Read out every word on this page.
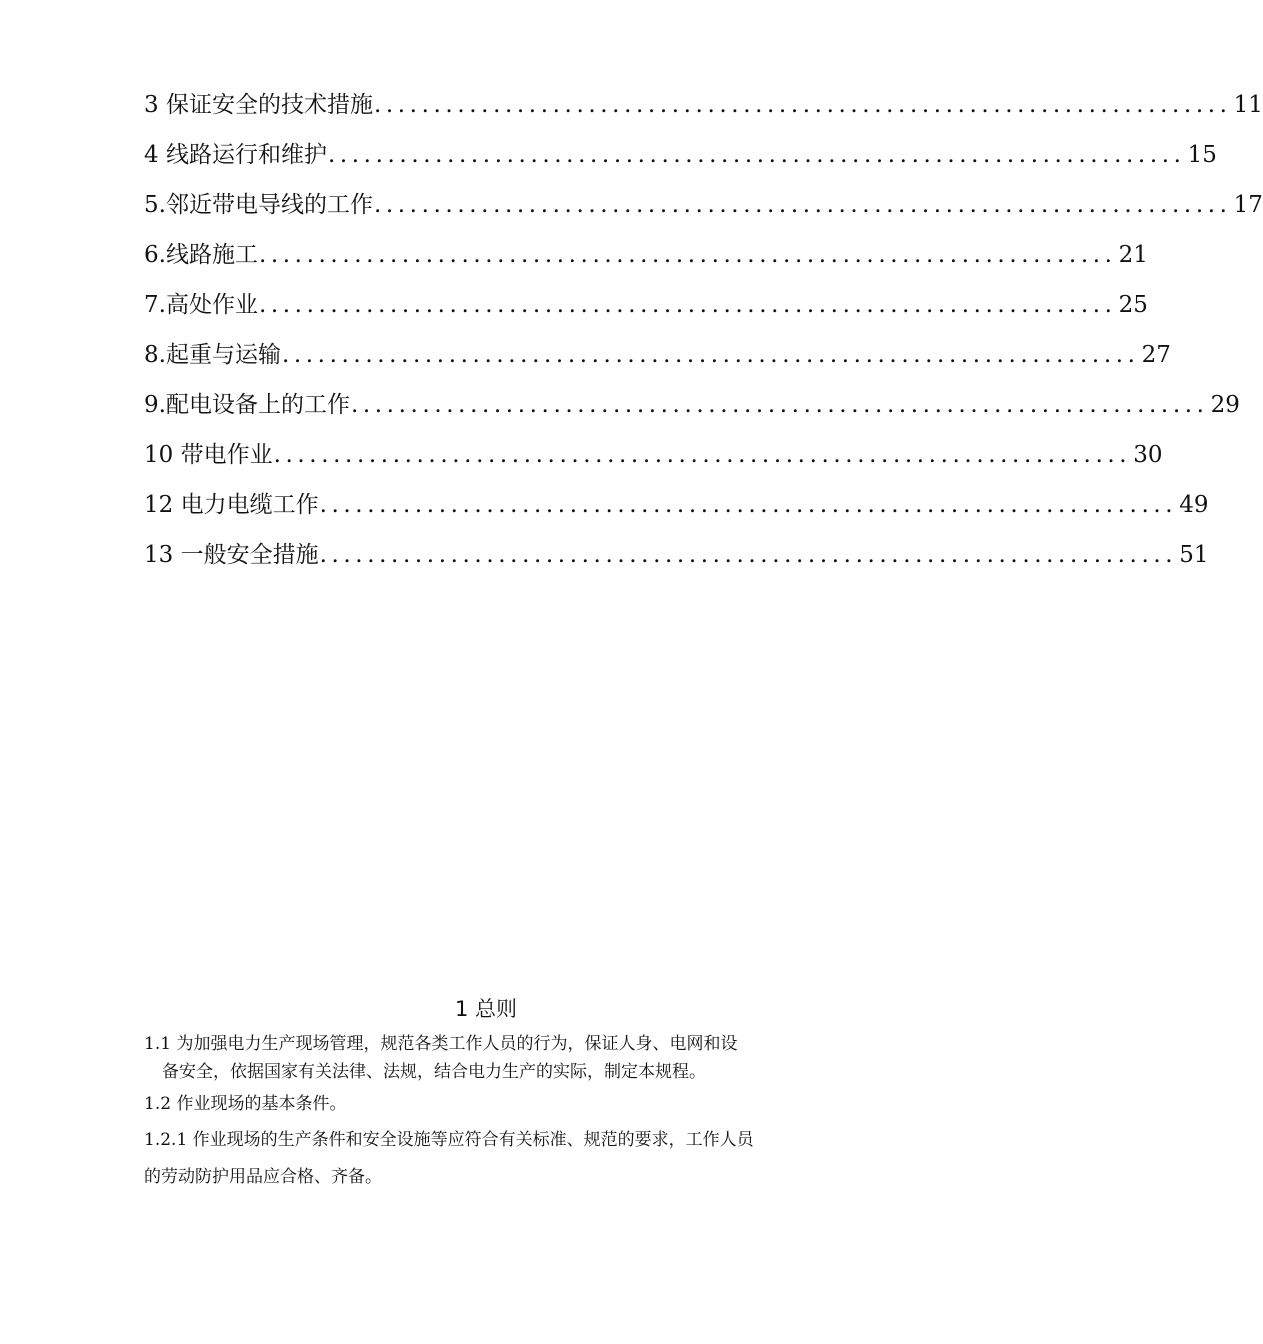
3 保证安全的技术措施 ........................................................................ 11
4 线路运行和维护 ........................................................................ 15
5.邻近带电导线的工作 ........................................................................ 17
6.线路施工 ........................................................................ 21
7.高处作业 ........................................................................ 25
8.起重与运输 ........................................................................ 27
9.配电设备上的工作 ........................................................................ 29
10 带电作业 ........................................................................ 30
12 电力电缆工作 ........................................................................ 49
13 一般安全措施 ........................................................................ 51
1 总则
1.1 为加强电力生产现场管理，规范各类工作人员的行为，保证人身、电网和设
备安全，依据国家有关法律、法规，结合电力生产的实际，制定本规程。
1.2 作业现场的基本条件。
1.2.1 作业现场的生产条件和安全设施等应符合有关标准、规范的要求，工作人员
的劳动防护用品应合格、齐备。
